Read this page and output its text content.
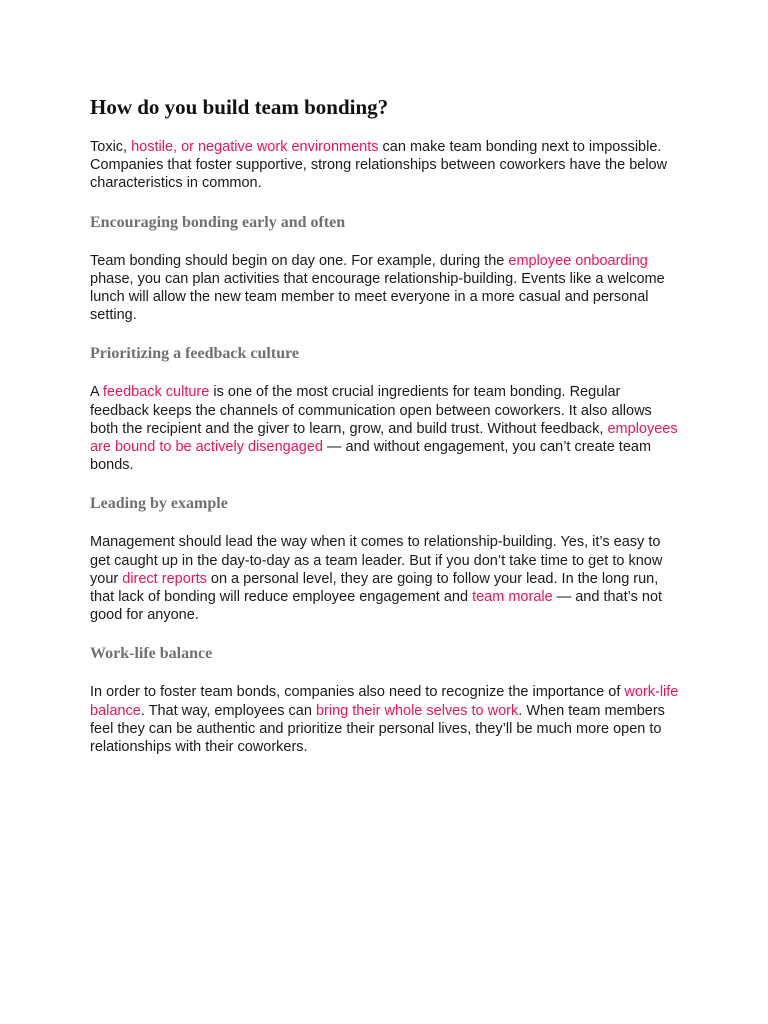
How do you build team bonding?

Toxic, hostile, or negative work environments can make team bonding next to impossible. Companies that foster supportive, strong relationships between coworkers have the below characteristics in common.

Encouraging bonding early and often

Team bonding should begin on day one. For example, during the employee onboarding phase, you can plan activities that encourage relationship-building. Events like a welcome lunch will allow the new team member to meet everyone in a more casual and personal setting.

Prioritizing a feedback culture

A feedback culture is one of the most crucial ingredients for team bonding. Regular feedback keeps the channels of communication open between coworkers. It also allows both the recipient and the giver to learn, grow, and build trust. Without feedback, employees are bound to be actively disengaged — and without engagement, you can’t create team bonds.

Leading by example

Management should lead the way when it comes to relationship-building. Yes, it’s easy to get caught up in the day-to-day as a team leader. But if you don’t take time to get to know your direct reports on a personal level, they are going to follow your lead. In the long run, that lack of bonding will reduce employee engagement and team morale — and that’s not good for anyone.

Work-life balance

In order to foster team bonds, companies also need to recognize the importance of work-life balance. That way, employees can bring their whole selves to work. When team members feel they can be authentic and prioritize their personal lives, they’ll be much more open to relationships with their coworkers.
